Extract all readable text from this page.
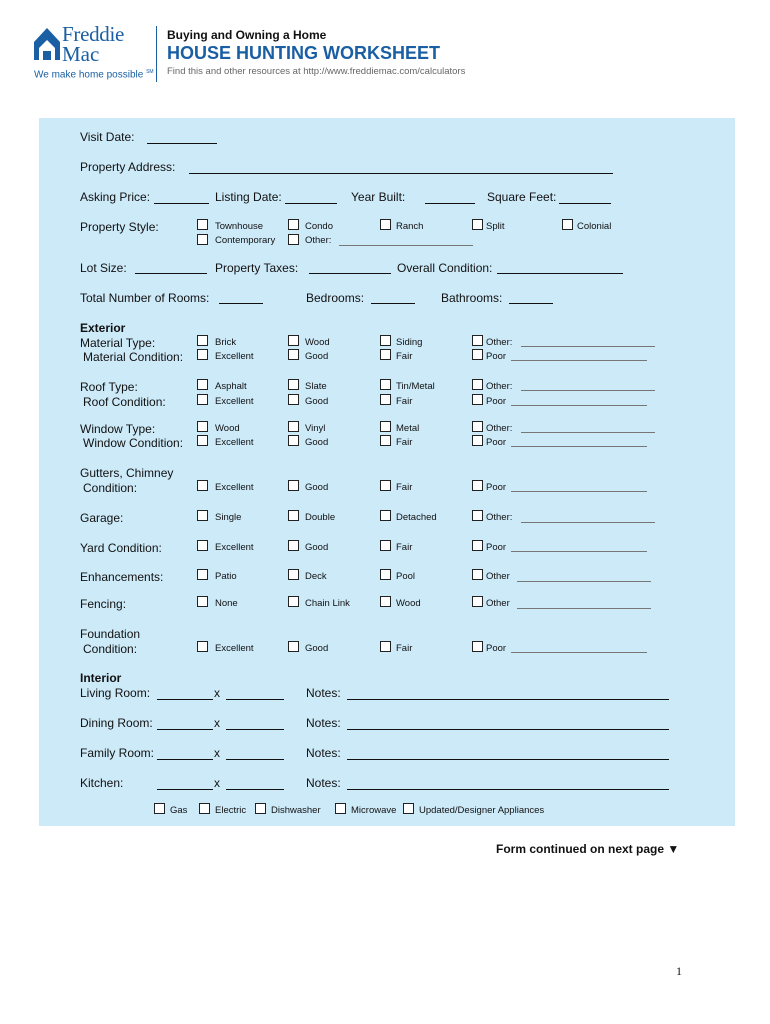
Freddie
Mac
We make home possible ℠
Buying and Owning a Home
HOUSE HUNTING WORKSHEET
Find this and other resources at http://www.freddiemac.com/calculators
Visit Date:
Property Address:
Asking Price:	Listing Date:	Year Built:	Square Feet:
Property Style:	Townhouse	Condo	Ranch	Split	Colonial
Contemporary	Other:
Lot Size:	Property Taxes:	Overall Condition:
Total Number of Rooms:	Bedrooms:	Bathrooms:
Exterior
Material Type:	Brick	Wood	Siding	Other:
Material Condition:	Excellent	Good	Fair	Poor
Roof Type:	Asphalt	Slate	Tin/Metal	Other:
Roof Condition:	Excellent	Good	Fair	Poor
Window Type:	Wood	Vinyl	Metal	Other:
Window Condition:	Excellent	Good	Fair	Poor
Gutters, Chimney
Condition:	Excellent	Good	Fair	Poor
Garage:	Single	Double	Detached	Other:
Yard Condition:	Excellent	Good	Fair	Poor
Enhancements:	Patio	Deck	Pool	Other
Fencing:	None	Chain Link	Wood	Other
Foundation
Condition:	Excellent	Good	Fair	Poor
Interior
Living Room:	x	Notes:
Dining Room:	x	Notes:
Family Room:	x	Notes:
Kitchen:	x	Notes:
Gas	Electric	Dishwasher	Microwave Updated/Designer Appliances
Form continued on next page ▼
1
